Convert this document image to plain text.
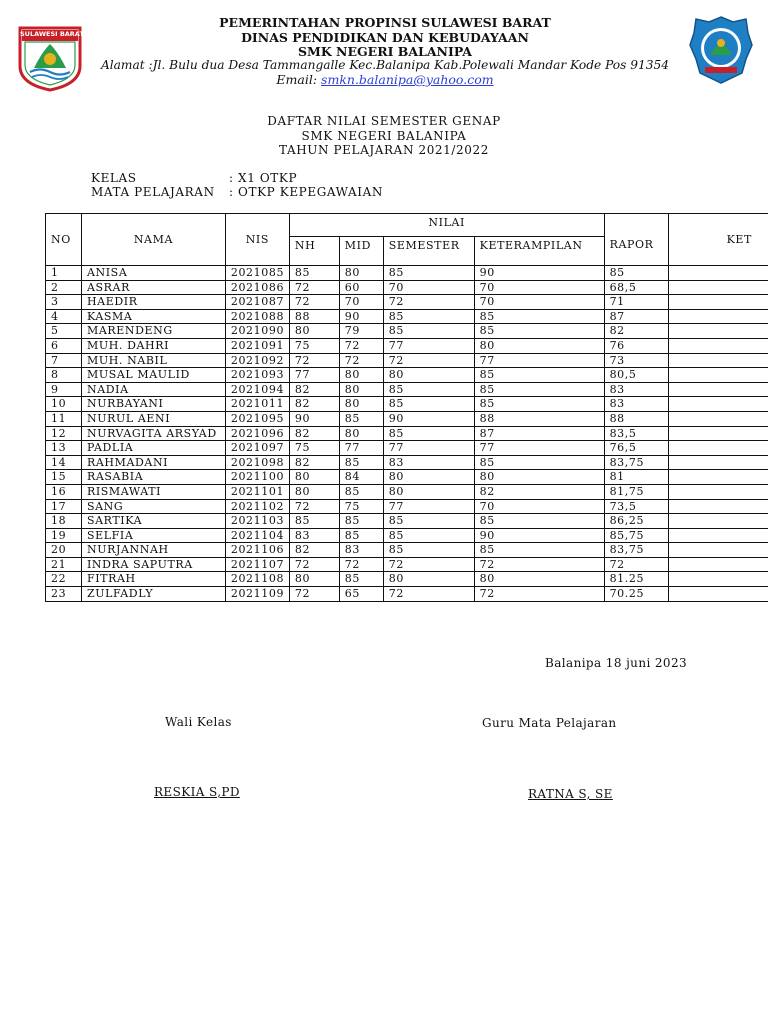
SULAWESI BARAT
PEMERINTAHAN PROPINSI SULAWESI BARAT
DINAS PENDIDIKAN DAN KEBUDAYAAN
SMK NEGERI BALANIPA
Alamat :Jl. Bulu dua Desa Tammangalle Kec.Balanipa Kab.Polewali Mandar Kode Pos 91354
Email: smkn.balanipa@yahoo.com
DAFTAR NILAI SEMESTER GENAP
SMK NEGERI BALANIPA
TAHUN PELAJARAN 2021/2022
KELAS	: X1 OTKP
MATA PELAJARAN : OTKP KEPEGAWAIAN
NO	NAMA	NIS	NILAI				RAPOR	KET
			NH	MID	SEMESTER	KETERAMPILAN		
1	ANISA	2021085	85	80	85	90	85	
2	ASRAR	2021086	72	60	70	70	68,5	
3	HAEDIR	2021087	72	70	72	70	71	
4	KASMA	2021088	88	90	85	85	87	
5	MARENDENG	2021090	80	79	85	85	82	
6	MUH. DAHRI	2021091	75	72	77	80	76	
7	MUH. NABIL	2021092	72	72	72	77	73	
8	MUSAL MAULID	2021093	77	80	80	85	80,5	
9	NADIA	2021094	82	80	85	85	83	
10	NURBAYANI	2021011	82	80	85	85	83	
11	NURUL AENI	2021095	90	85	90	88	88	
12	NURVAGITA ARSYAD	2021096	82	80	85	87	83,5	
13	PADLIA	2021097	75	77	77	77	76,5	
14	RAHMADANI	2021098	82	85	83	85	83,75	
15	RASABIA	2021100	80	84	80	80	81	
16	RISMAWATI	2021101	80	85	80	82	81,75	
17	SANG	2021102	72	75	77	70	73,5	
18	SARTIKA	2021103	85	85	85	85	86,25	
19	SELFIA	2021104	83	85	85	90	85,75	
20	NURJANNAH	2021106	82	83	85	85	83,75	
21	INDRA SAPUTRA	2021107	72	72	72	72	72	
22	FITRAH	2021108	80	85	80	80	81.25	
23	ZULFADLY	2021109	72	65	72	72	70.25	
Balanipa 18 juni 2023
Wali Kelas	Guru Mata Pelajaran
RESKIA S,PD	RATNA S, SE
